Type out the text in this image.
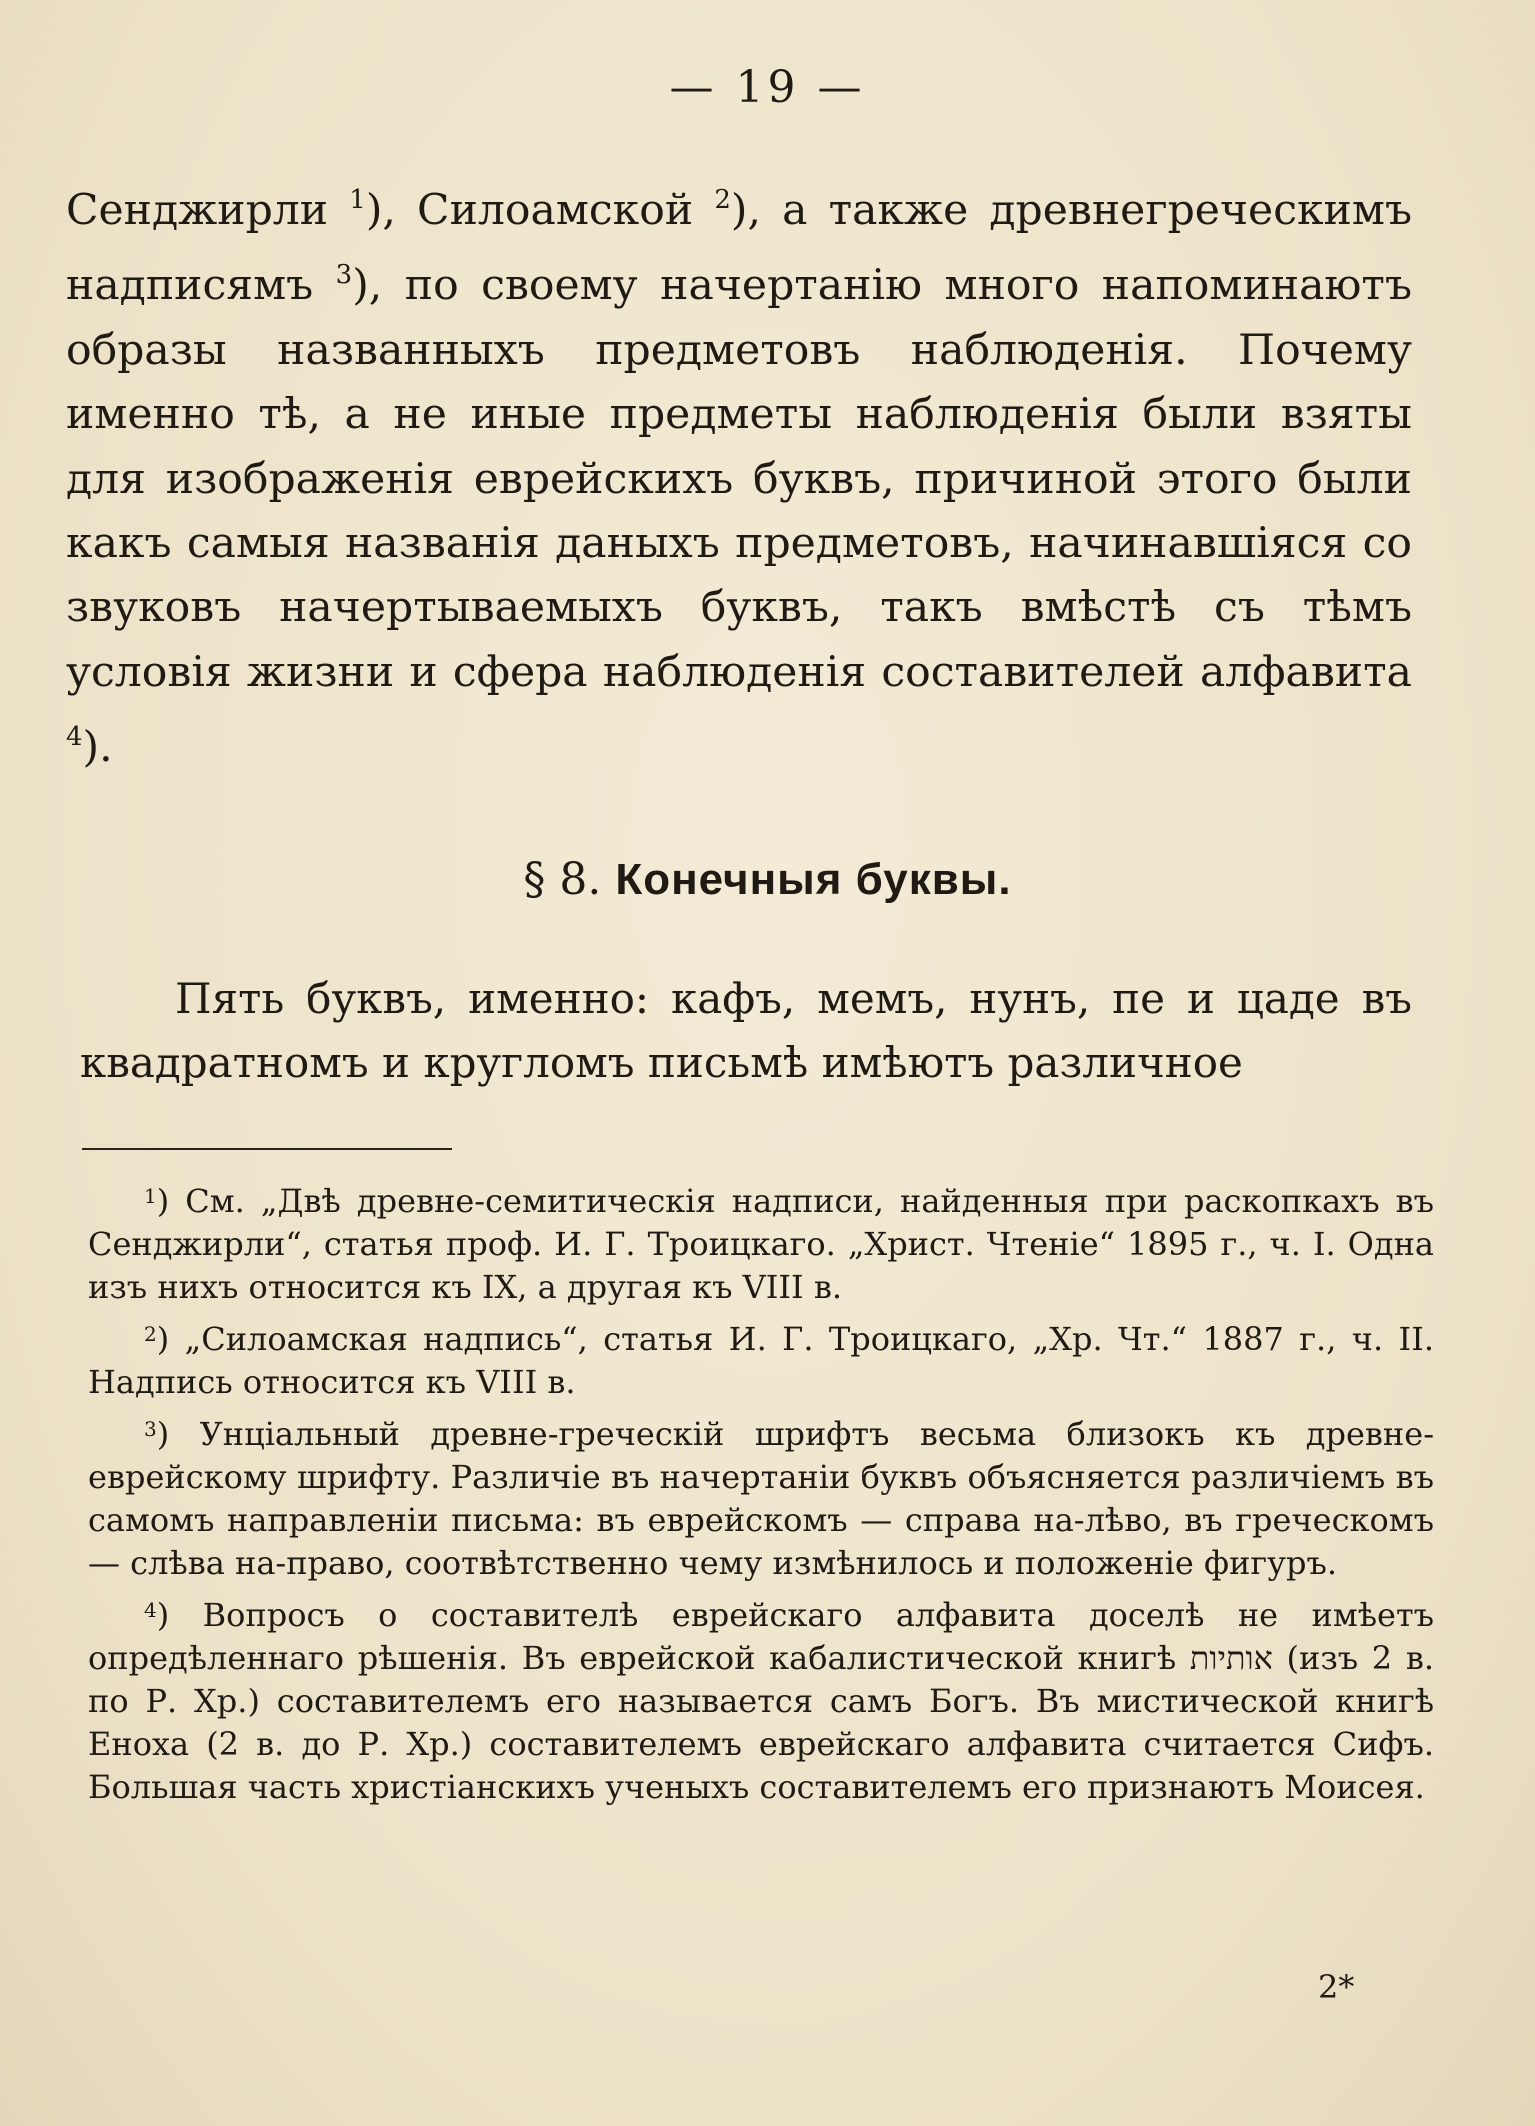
— 19 —
Сенджирли $^1$), Силоамской $^2$), а также древнегреческимъ надписямъ $^3$), по своему начертанію много напоминаютъ образы названныхъ предметовъ наблюденія. Почему именно тѣ, а не иные предметы наблюденія были взяты для изображенія еврейскихъ буквъ, причиной этого были какъ самыя названія даныхъ предметовъ, начинавшіяся со звуковъ начертываемыхъ буквъ, такъ вмѣстѣ съ тѣмъ условія жизни и сфера наблюденія составителей алфавита $^4$).
§ 8. Конечныя буквы.
Пять буквъ, именно: кафъ, мемъ, нунъ, пе и цаде въ квадратномъ и кругломъ письмѣ имѣютъ различное

$^1$) См. „Двѣ древне-семитическія надписи, найденныя при раскопкахъ въ Сенджирли“, статья проф. И. Г. Троицкаго. „Христ. Чтеніе“ 1895 г., ч. I. Одна изъ нихъ относится къ IX, а другая къ VIII в.

$^2$) „Силоамская надпись“, статья И. Г. Троицкаго, „Хр. Чт.“ 1887 г., ч. II. Надпись относится къ VIII в.

$^3$) Унціальный древне-греческій шрифтъ весьма близокъ къ древне-еврейскому шрифту. Различіе въ начертаніи буквъ объясняется различіемъ въ самомъ направленіи письма: въ еврейскомъ — справа на-лѣво, въ греческомъ — слѣва на-право, соотвѣтственно чему измѣнилось и положеніе фигуръ.

$^4$) Вопросъ о составителѣ еврейскаго алфавита доселѣ не имѣетъ опредѣленнаго рѣшенія. Въ еврейской кабалистической книгѣ אותיות (изъ 2 в. по Р. Хр.) составителемъ его называется самъ Богъ. Въ мистической книгѣ Еноха (2 в. до Р. Хр.) составителемъ еврейскаго алфавита считается Сифъ. Большая часть христіанскихъ ученыхъ составителемъ его признаютъ Моисея.

2*
